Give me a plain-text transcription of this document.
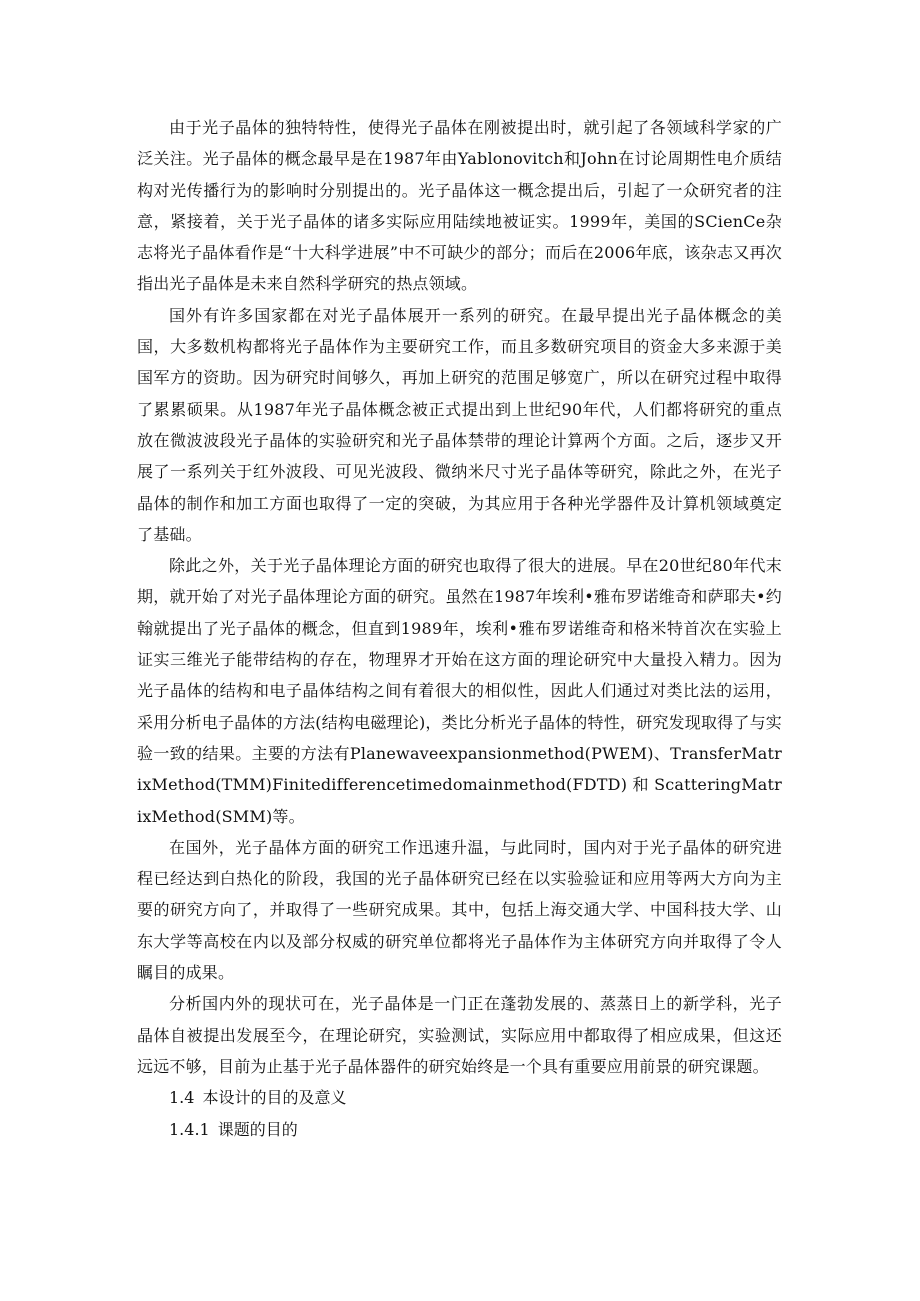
由于光子晶体的独特特性，使得光子晶体在刚被提出时，就引起了各领域科学家的广泛关注。光子晶体的概念最早是在1987年由Yablonovitch和John在讨论周期性电介质结构对光传播行为的影响时分别提出的。光子晶体这一概念提出后，引起了一众研究者的注意，紧接着，关于光子晶体的诸多实际应用陆续地被证实。1999年，美国的SCienCe杂志将光子晶体看作是“十大科学进展”中不可缺少的部分；而后在2006年底，该杂志又再次指出光子晶体是未来自然科学研究的热点领域。

国外有许多国家都在对光子晶体展开一系列的研究。在最早提出光子晶体概念的美国，大多数机构都将光子晶体作为主要研究工作，而且多数研究项目的资金大多来源于美国军方的资助。因为研究时间够久，再加上研究的范围足够宽广，所以在研究过程中取得了累累硕果。从1987年光子晶体概念被正式提出到上世纪90年代，人们都将研究的重点放在微波波段光子晶体的实验研究和光子晶体禁带的理论计算两个方面。之后，逐步又开展了一系列关于红外波段、可见光波段、微纳米尺寸光子晶体等研究，除此之外，在光子晶体的制作和加工方面也取得了一定的突破，为其应用于各种光学器件及计算机领域奠定了基础。

除此之外，关于光子晶体理论方面的研究也取得了很大的进展。早在20世纪80年代末期，就开始了对光子晶体理论方面的研究。虽然在1987年埃利•雅布罗诺维奇和萨耶夫•约翰就提出了光子晶体的概念，但直到1989年，埃利•雅布罗诺维奇和格米特首次在实验上证实三维光子能带结构的存在，物理界才开始在这方面的理论研究中大量投入精力。因为光子晶体的结构和电子晶体结构之间有着很大的相似性，因此人们通过对类比法的运用，采用分析电子晶体的方法(结构电磁理论)，类比分析光子晶体的特性，研究发现取得了与实验一致的结果。主要的方法有Planewaveexpansionmethod(PWEM)、TransferMatrixMethod(TMM)Finitedifferencetimedomainmethod(FDTD) 和 ScatteringMatrixMethod(SMM)等。

在国外，光子晶体方面的研究工作迅速升温，与此同时，国内对于光子晶体的研究进程已经达到白热化的阶段，我国的光子晶体研究已经在以实验验证和应用等两大方向为主要的研究方向了，并取得了一些研究成果。其中，包括上海交通大学、中国科技大学、山东大学等高校在内以及部分权威的研究单位都将光子晶体作为主体研究方向并取得了令人瞩目的成果。

分析国内外的现状可在，光子晶体是一门正在蓬勃发展的、蒸蒸日上的新学科，光子晶体自被提出发展至今，在理论研究，实验测试，实际应用中都取得了相应成果，但这还远远不够，目前为止基于光子晶体器件的研究始终是一个具有重要应用前景的研究课题。

1.4 本设计的目的及意义

1.4.1 课题的目的
